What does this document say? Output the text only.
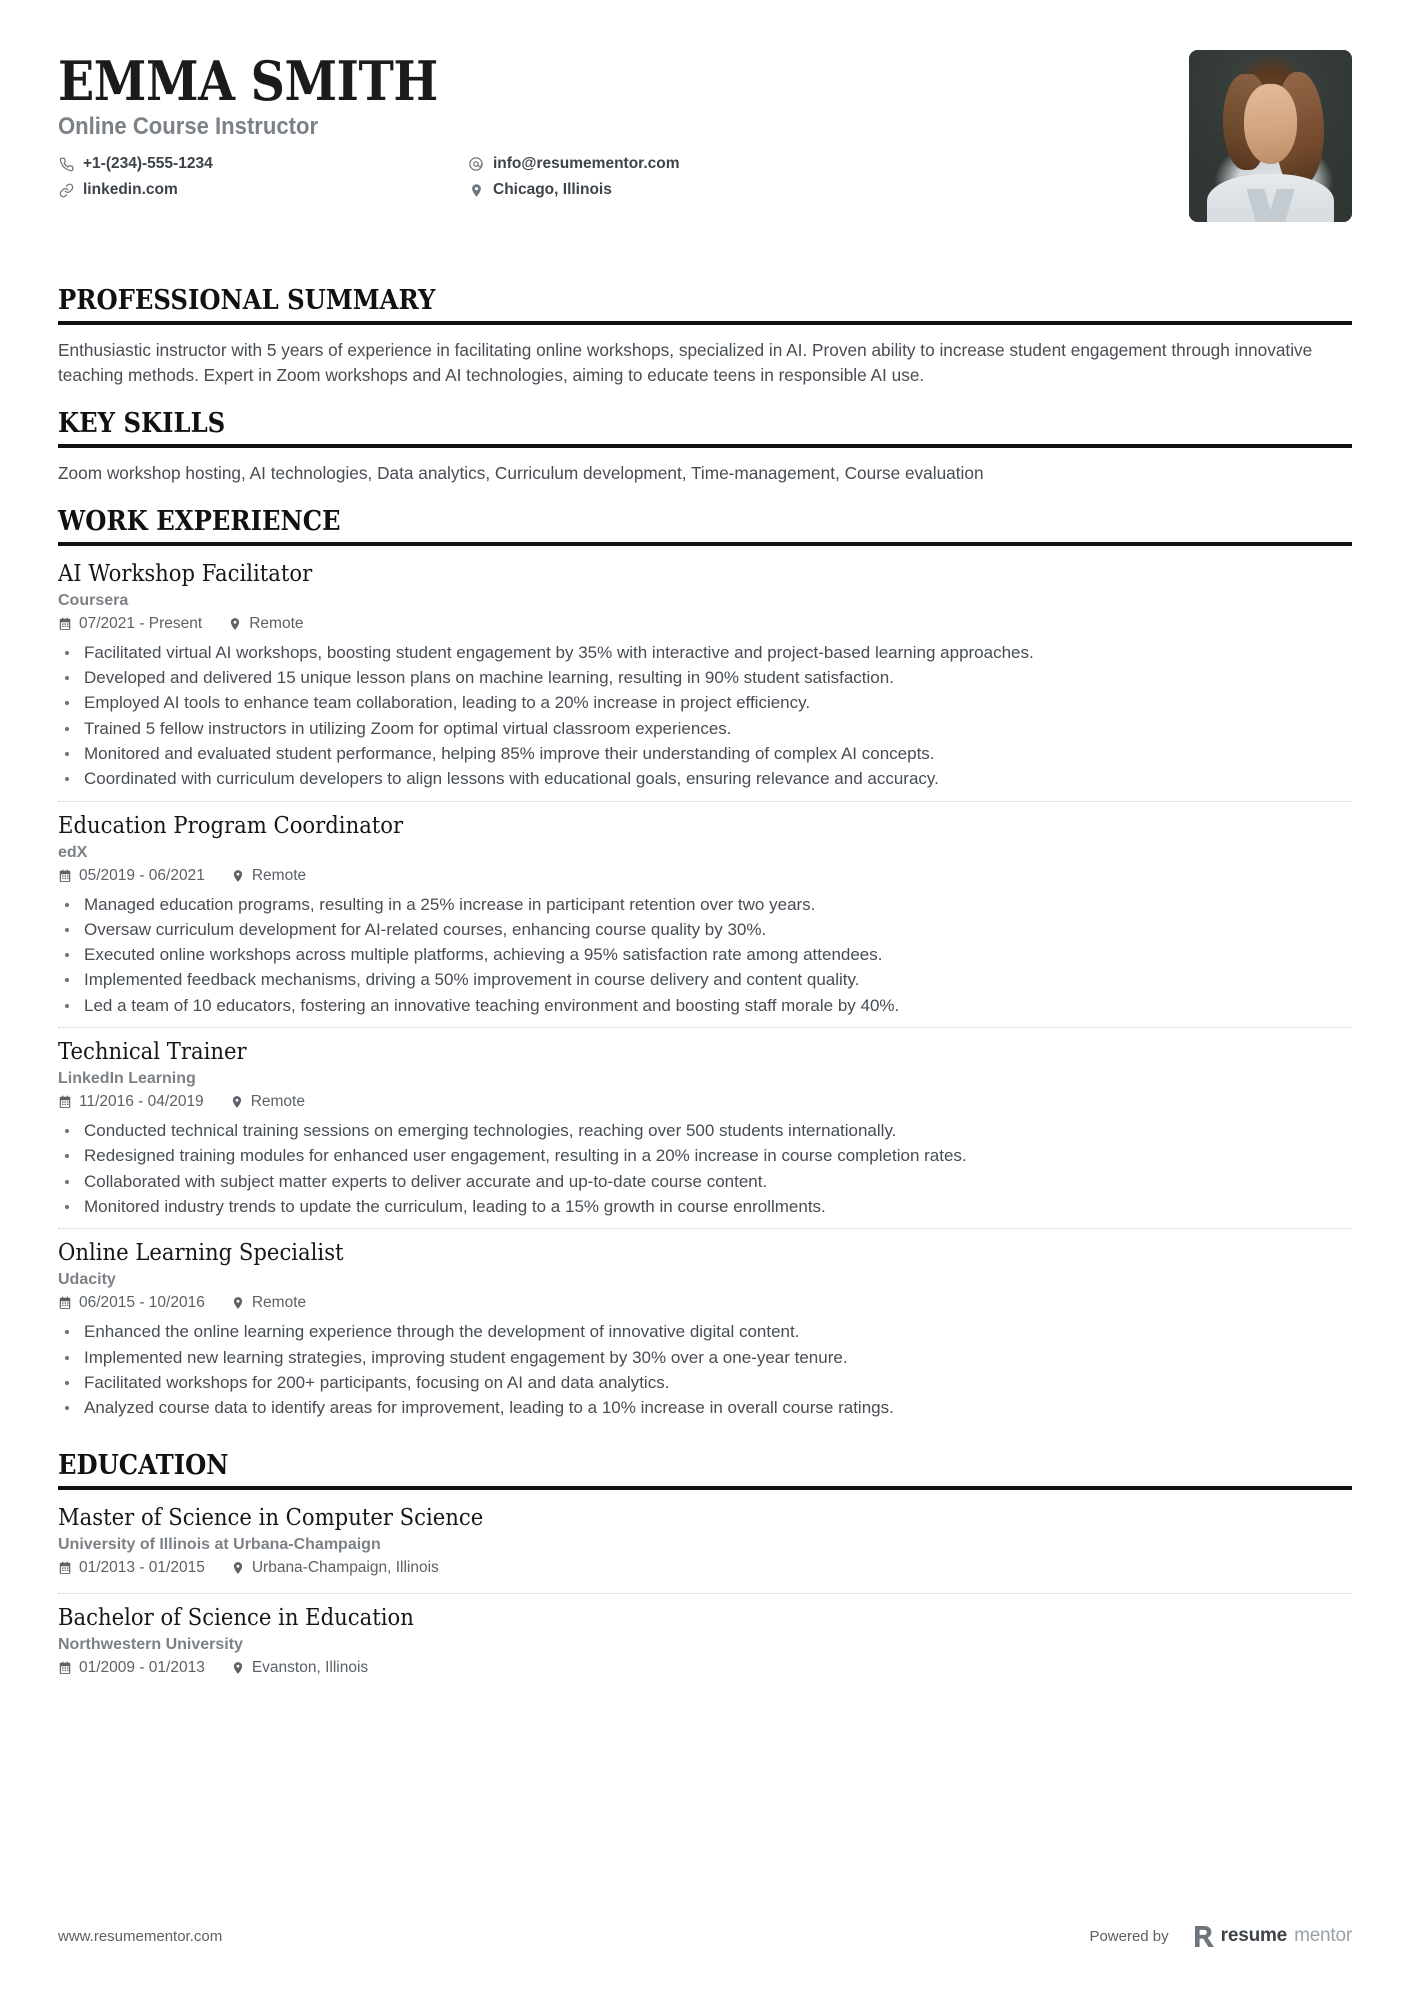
EMMA SMITH
Online Course Instructor
+1-(234)-555-1234
linkedin.com
info@resumementor.com
Chicago, Illinois
PROFESSIONAL SUMMARY

Enthusiastic instructor with 5 years of experience in facilitating online workshops, specialized in AI. Proven ability to increase student engagement through innovative teaching methods. Expert in Zoom workshops and AI technologies, aiming to educate teens in responsible AI use.

KEY SKILLS

Zoom workshop hosting, AI technologies, Data analytics, Curriculum development, Time-management, Course evaluation

WORK EXPERIENCE
AI Workshop Facilitator
Coursera
07/2021 - Present	Remote
Facilitated virtual AI workshops, boosting student engagement by 35% with interactive and project-based learning approaches.
Developed and delivered 15 unique lesson plans on machine learning, resulting in 90% student satisfaction.
Employed AI tools to enhance team collaboration, leading to a 20% increase in project efficiency.
Trained 5 fellow instructors in utilizing Zoom for optimal virtual classroom experiences.
Monitored and evaluated student performance, helping 85% improve their understanding of complex AI concepts.
Coordinated with curriculum developers to align lessons with educational goals, ensuring relevance and accuracy.
Education Program Coordinator
edX
05/2019 - 06/2021	Remote
Managed education programs, resulting in a 25% increase in participant retention over two years.
Oversaw curriculum development for AI-related courses, enhancing course quality by 30%.
Executed online workshops across multiple platforms, achieving a 95% satisfaction rate among attendees.
Implemented feedback mechanisms, driving a 50% improvement in course delivery and content quality.
Led a team of 10 educators, fostering an innovative teaching environment and boosting staff morale by 40%.
Technical Trainer
LinkedIn Learning
11/2016 - 04/2019	Remote
Conducted technical training sessions on emerging technologies, reaching over 500 students internationally.
Redesigned training modules for enhanced user engagement, resulting in a 20% increase in course completion rates.
Collaborated with subject matter experts to deliver accurate and up-to-date course content.
Monitored industry trends to update the curriculum, leading to a 15% growth in course enrollments.
Online Learning Specialist
Udacity
06/2015 - 10/2016	Remote
Enhanced the online learning experience through the development of innovative digital content.
Implemented new learning strategies, improving student engagement by 30% over a one-year tenure.
Facilitated workshops for 200+ participants, focusing on AI and data analytics.
Analyzed course data to identify areas for improvement, leading to a 10% increase in overall course ratings.
EDUCATION
Master of Science in Computer Science
University of Illinois at Urbana-Champaign
01/2013 - 01/2015	Urbana-Champaign, Illinois
Bachelor of Science in Education
Northwestern University
01/2009 - 01/2013	Evanston, Illinois
www.resumementor.com	Powered by	resume mentor
